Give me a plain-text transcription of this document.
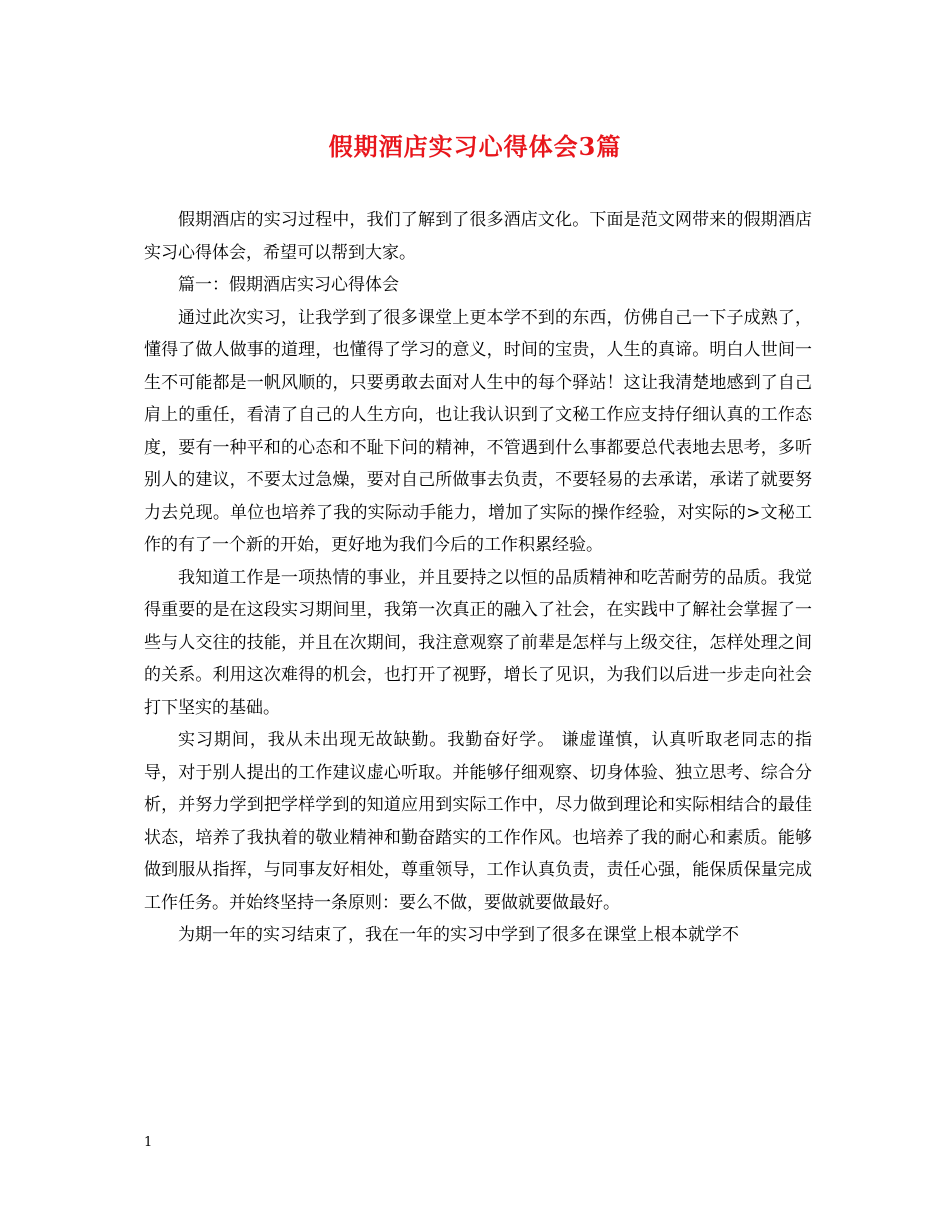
假期酒店实习心得体会3篇

假期酒店的实习过程中，我们了解到了很多酒店文化。下面是范文网带来的假期酒店实习心得体会，希望可以帮到大家。

篇一：假期酒店实习心得体会

通过此次实习，让我学到了很多课堂上更本学不到的东西，仿佛自己一下子成熟了，懂得了做人做事的道理，也懂得了学习的意义，时间的宝贵，人生的真谛。明白人世间一生不可能都是一帆风顺的，只要勇敢去面对人生中的每个驿站！这让我清楚地感到了自己肩上的重任，看清了自己的人生方向，也让我认识到了文秘工作应支持仔细认真的工作态度，要有一种平和的心态和不耻下问的精神，不管遇到什么事都要总代表地去思考，多听别人的建议，不要太过急燥，要对自己所做事去负责，不要轻易的去承诺，承诺了就要努力去兑现。单位也培养了我的实际动手能力，增加了实际的操作经验，对实际的>文秘工作的有了一个新的开始，更好地为我们今后的工作积累经验。

我知道工作是一项热情的事业，并且要持之以恒的品质精神和吃苦耐劳的品质。我觉得重要的是在这段实习期间里，我第一次真正的融入了社会，在实践中了解社会掌握了一些与人交往的技能，并且在次期间，我注意观察了前辈是怎样与上级交往，怎样处理之间的关系。利用这次难得的机会，也打开了视野，增长了见识，为我们以后进一步走向社会打下坚实的基础。

实习期间，我从未出现无故缺勤。我勤奋好学。 谦虚谨慎，认真听取老同志的指导，对于别人提出的工作建议虚心听取。并能够仔细观察、切身体验、独立思考、综合分析，并努力学到把学样学到的知道应用到实际工作中，尽力做到理论和实际相结合的最佳状态，培养了我执着的敬业精神和勤奋踏实的工作作风。也培养了我的耐心和素质。能够做到服从指挥，与同事友好相处，尊重领导，工作认真负责，责任心强，能保质保量完成工作任务。并始终坚持一条原则：要么不做，要做就要做最好。

为期一年的实习结束了，我在一年的实习中学到了很多在课堂上根本就学不

1
